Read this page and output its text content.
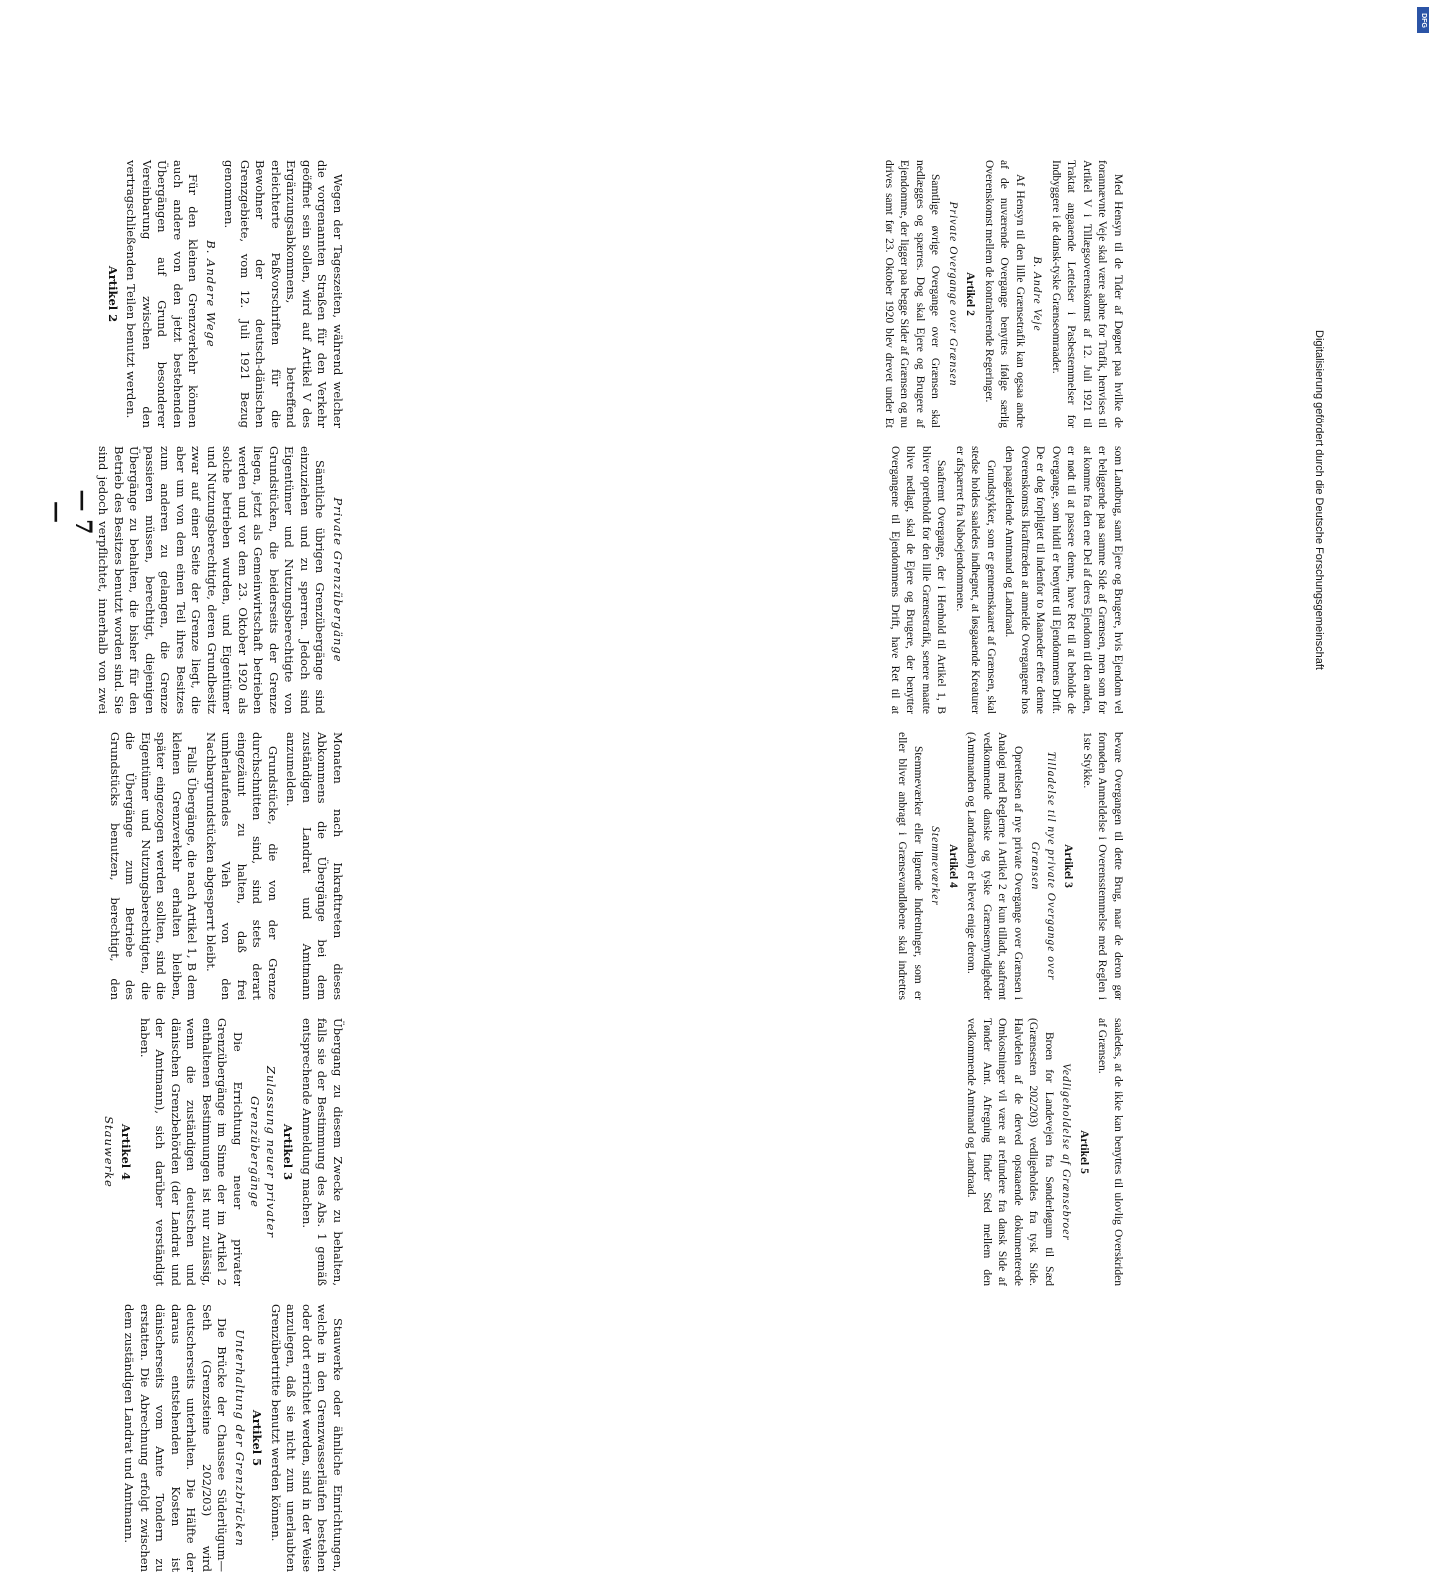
— 7 —
DFG
Digitalisierung gefördert durch die Deutsche Forschungsgemeinschaft

Wegen der Tageszeiten, während welcher die vorgenannten Straßen für den Verkehr geöffnet sein sollen, wird auf Artikel V des Ergänzungsabkommens, betreffend erleichterte Paßvorschriften für die Bewohner der deutsch-dänischen Grenzgebiete, vom 12. Juli 1921 Bezug genommen.

B. Andere Wege

Für den kleinen Grenzverkehr können auch andere von den jetzt bestehenden Übergängen auf Grund besonderer Vereinbarung zwischen den vertragschließenden Teilen benutzt werden.

Artikel 2
Private Grenzübergänge

Sämtliche übrigen Grenzübergänge sind einzuziehen und zu sperren. Jedoch sind Eigentümer und Nutzungsberechtigte von Grundstücken, die beiderseits der Grenze liegen, jetzt als Gemeinwirtschaft betrieben werden und vor dem 23. Oktober 1920 als solche betrieben wurden, und Eigentümer und Nutzungsberechtigte, deren Grundbesitz zwar auf einer Seite der Grenze liegt, die aber um von dem einen Teil ihres Besitzes zum anderen zu gelangen, die Grenze passieren müssen, berechtigt, diejenigen Übergänge zu behalten, die bisher für den Betrieb des Besitzes benutzt worden sind. Sie sind jedoch verpflichtet, innerhalb von zwei Monaten nach Inkrafttreten dieses Abkommens die Übergänge bei dem zuständigen Landrat und Amtmann anzumelden.

Grundstücke, die von der Grenze durchschnitten sind, sind stets derart eingezäunt zu halten, daß frei umherlaufendes Vieh von den Nachbargrundstücken abgesperrt bleibt.

Falls Übergänge, die nach Artikel 1, B dem kleinen Grenzverkehr erhalten bleiben, später eingezogen werden sollten, sind die Eigentümer und Nutzungsberechtigten, die die Übergänge zum Betriebe des Grundstücks benutzen, berechtigt, den Übergang zu diesem Zwecke zu behalten, falls sie der Bestimmung des Abs. 1 gemäß entsprechende Anmeldung machen.

Artikel 3
Zulassung neuer privater Grenzübergänge

Die Errichtung neuer privater Grenzübergänge im Sinne der im Artikel 2 enthaltenen Bestimmungen ist nur zulässig, wenn die zuständigen deutschen und dänischen Grenzbehörden (der Landrat und der Amtmann), sich darüber verständigt haben.

Artikel 4
Stauwerke

Stauwerke oder ähnliche Einrichtungen, welche in den Grenzwasserläufen bestehen oder dort errichtet werden, sind in der Weise anzulegen, daß sie nicht zum unerlaubten Grenzübertritte benutzt werden können.

Artikel 5
Unterhaltung der Grenzbrücken

Die Brücke der Chaussee Süderlügum—Seth (Grenzsteine 202/203) wird deutscherseits unterhalten. Die Hälfte der daraus entstehenden Kosten ist dänischerseits vom Amte Tondern zu erstatten. Die Abrechnung erfolgt zwischen dem zuständigen Landrat und Amtmann.

Med Hensyn til de Tider af Døgnet paa hvilke de forannævnte Veje skal være aabne for Trafik, henvises til Artikel V i Tillægsoverenskomst af 12. Juli 1921 til Traktat angaaende Lettelser i Pasbestemmelser for Indbyggere i de dansk-tyske Grænseomraader.

B. Andre Veje

Af Hensyn til den lille Grænsetrafik kan ogsaa andre af de nuværende Overgange benyttes ifølge særlig Overenskomst mellem de kontraherende Regeringer.

Artikel 2
Private Overgange over Grænsen

Samtlige øvrige Overgange over Grænsen skal nedlægges og spærres. Dog skal Ejere og Brugere af Ejendomme, der ligger paa begge Sider af Grænsen og nu drives samt før 23. Oktober 1920 blev drevet under Et som Landbrug, samt Ejere og Brugere, hvis Ejendom vel er beliggende paa samme Side af Grænsen, men som for at komme fra den ene Del af deres Ejendom til den anden, er nødt til at passere denne, have Ret til at beholde de Overgange, som hidtil er benyttet til Ejendommens Drift. De er dog forpligtet til indenfor to Maaneder efter denne Overenskomsts Ikrafttræden at anmelde Overgangene hos den paagældende Amtmand og Landraad.

Grundstykker, som er gennemskaaret af Grænsen, skal stedse holdes saaledes indhegnet, at løsgaaende Kreaturer er afspærret fra Naboejendommene.

Saafremt Overgange, der i Henhold til Artikel 1, B bliver opretholdt for den lille Grænsetrafik, senere maatte blive nedlagt, skal de Ejere og Brugere, der benytter Overgangene til Ejendommens Drift, have Ret til at bevare Overgangen til dette Brug, naar de deron gør fornøden Anmeldelse i Overensstemmelse med Reglen i 1ste Stykke.

Artikel 3
Tilladelse til nye private Overgange over Grænsen

Oprettelsen af nye private Overgange over Grænsen i Analogi med Reglerne i Artikel 2 er kun tilladt, saafremt vedkommende danske og tyske Grænsemyndigheder (Amtmanden og Landraaden) er blevet enige derom.

Artikel 4
Stemmeværker

Stemmeværker eller lignende Indretninger, som er eller bliver anbragt i Grænsevandløbene skal indrettes saaledes, at de ikke kan benyttes til ulovlig Overskriden af Grænsen.

Artikel 5
Vedligeholdelse af Grænsebroer

Broen for Landevejen fra Sønderløgum til Sæd (Grænsesten 202/203) vedligeholdes fra tysk Side. Halvdelen af de derved opstaaende dokumenterede Omkostninger vil være at refundere fra dansk Side af Tønder Amt. Afregning finder Sted mellem den vedkommende Amtmand og Landraad.
